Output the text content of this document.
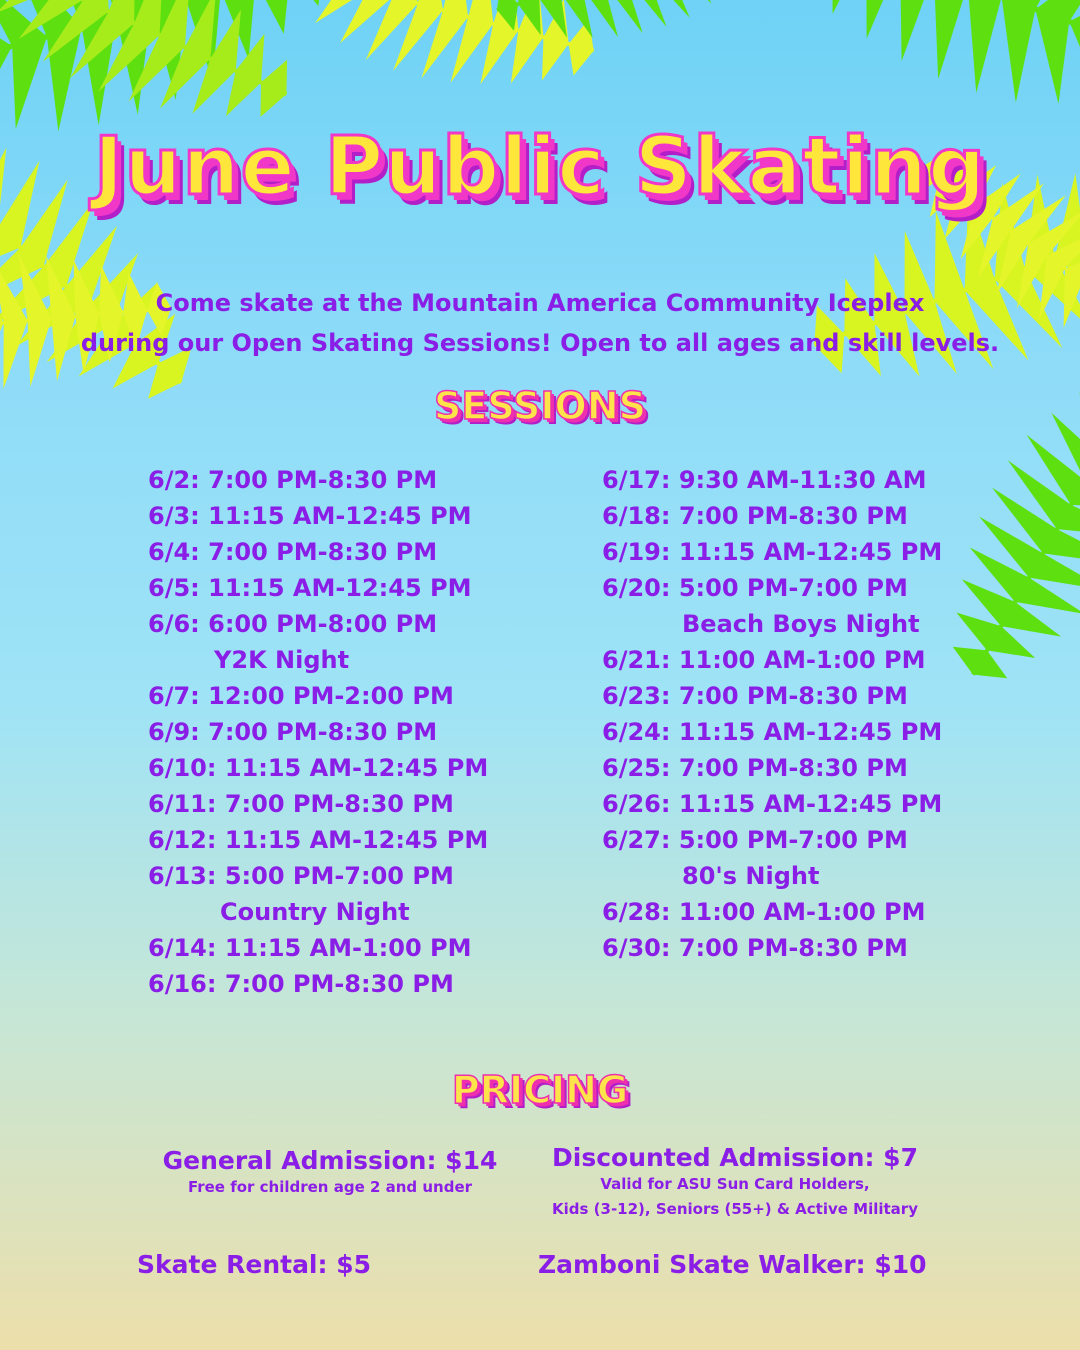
June Public Skating
Come skate at the Mountain America Community Iceplex
during our Open Skating Sessions! Open to all ages and skill levels.
SESSIONS
6/2: 7:00 PM-8:30 PM
6/3: 11:15 AM-12:45 PM
6/4: 7:00 PM-8:30 PM
6/5: 11:15 AM-12:45 PM
6/6: 6:00 PM-8:00 PM
Y2K Night
6/7: 12:00 PM-2:00 PM
6/9: 7:00 PM-8:30 PM
6/10: 11:15 AM-12:45 PM
6/11: 7:00 PM-8:30 PM
6/12: 11:15 AM-12:45 PM
6/13: 5:00 PM-7:00 PM
Country Night
6/14: 11:15 AM-1:00 PM
6/16: 7:00 PM-8:30 PM
6/17: 9:30 AM-11:30 AM
6/18: 7:00 PM-8:30 PM
6/19: 11:15 AM-12:45 PM
6/20: 5:00 PM-7:00 PM
Beach Boys Night
6/21: 11:00 AM-1:00 PM
6/23: 7:00 PM-8:30 PM
6/24: 11:15 AM-12:45 PM
6/25: 7:00 PM-8:30 PM
6/26: 11:15 AM-12:45 PM
6/27: 5:00 PM-7:00 PM
80's Night
6/28: 11:00 AM-1:00 PM
6/30: 7:00 PM-8:30 PM
PRICING
General Admission: $14
Free for children age 2 and under
Discounted Admission: $7
Valid for ASU Sun Card Holders,
Kids (3-12), Seniors (55+) & Active Military
Skate Rental: $5	Zamboni Skate Walker: $10
